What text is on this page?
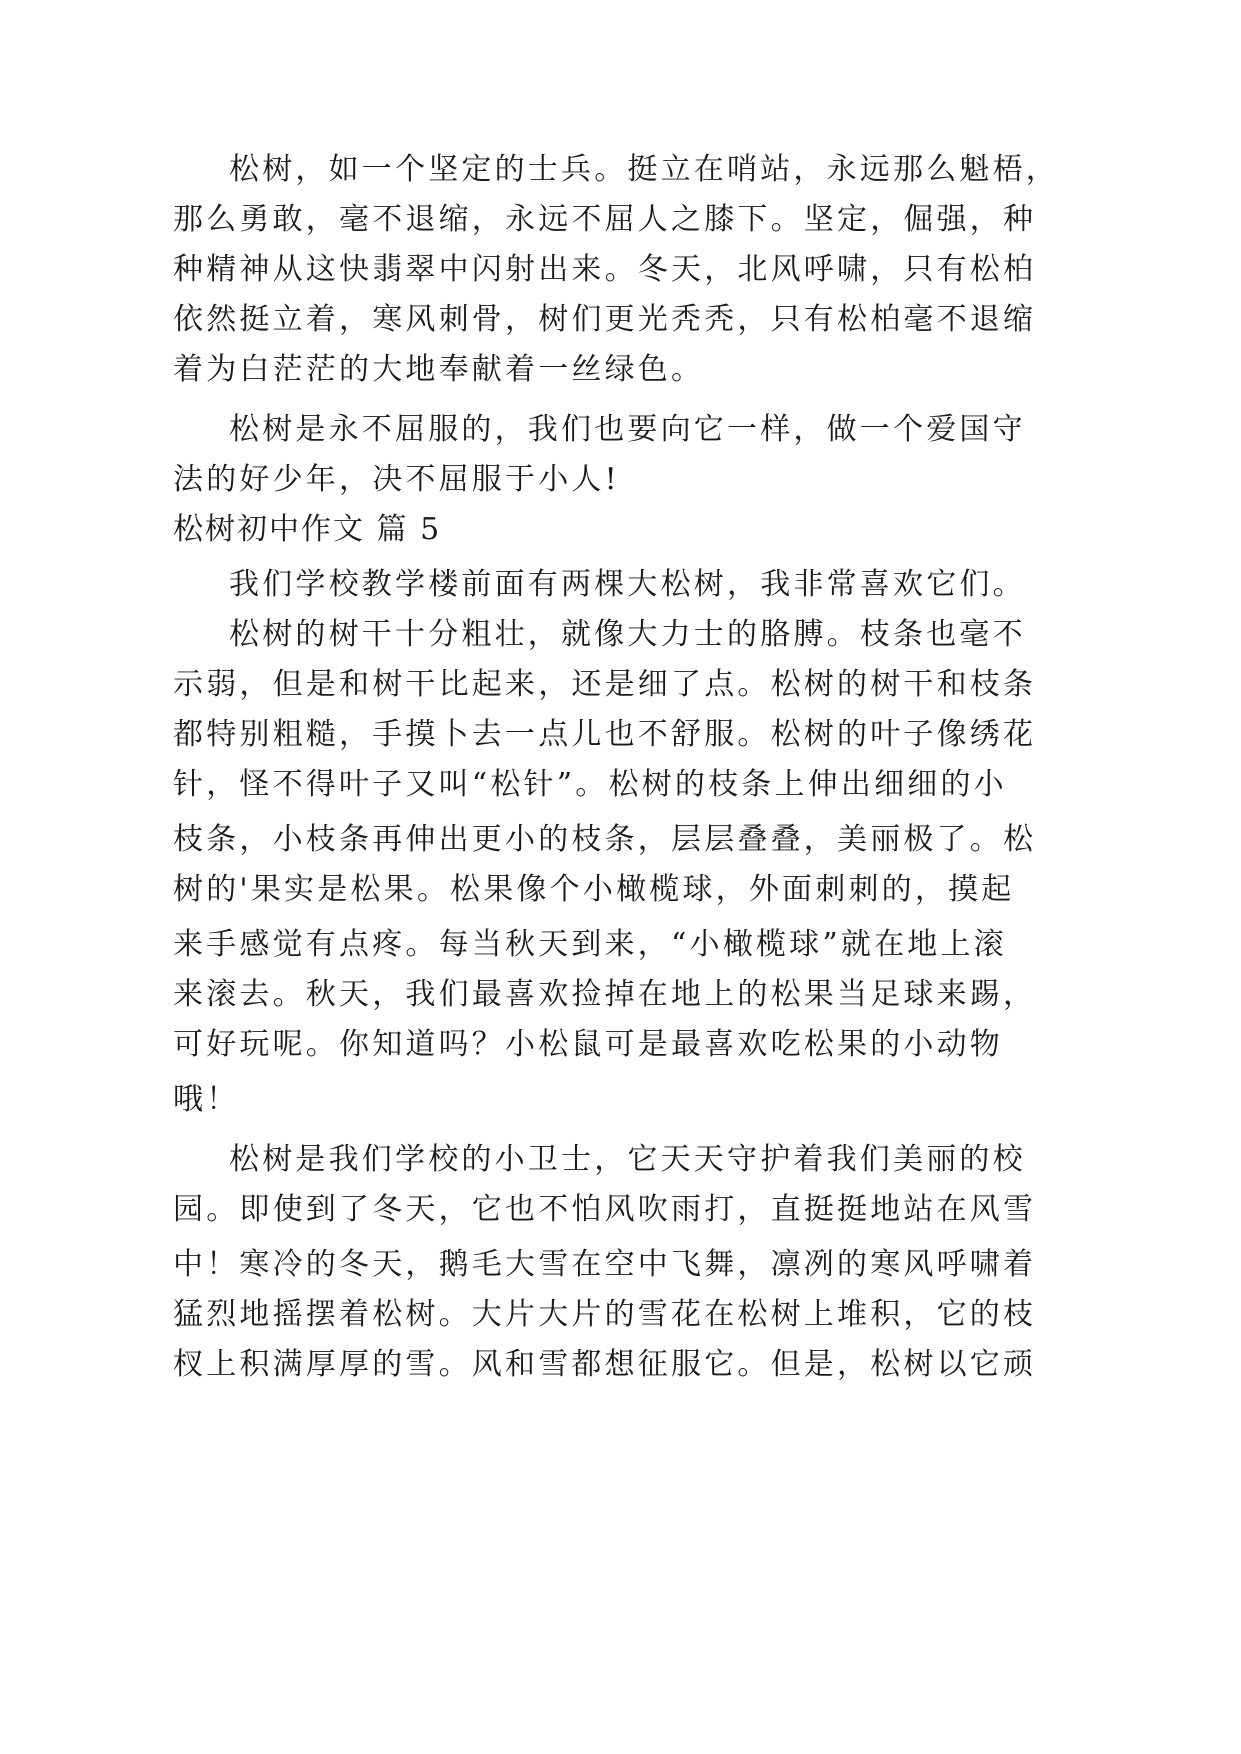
松树，如一个坚定的士兵。挺立在哨站，永远那么魁梧，
那么勇敢，毫不退缩，永远不屈人之膝下。坚定，倔强，种
种精神从这快翡翠中闪射出来。冬天，北风呼啸，只有松柏
依然挺立着，寒风刺骨，树们更光秃秃，只有松柏毫不退缩
着为白茫茫的大地奉献着一丝绿色。
松树是永不屈服的，我们也要向它一样，做一个爱国守
法的好少年，决不屈服于小人!
松树初中作文 篇 5
我们学校教学楼前面有两棵大松树，我非常喜欢它们。
松树的树干十分粗壮，就像大力士的胳膊。枝条也毫不
示弱，但是和树干比起来，还是细了点。松树的树干和枝条
都特别粗糙，手摸卜去一点儿也不舒服。松树的叶子像绣花
针，怪不得叶子又叫“松针”。松树的枝条上伸出细细的小
枝条，小枝条再伸出更小的枝条，层层叠叠，美丽极了。松
树的'果实是松果。松果像个小橄榄球，外面刺刺的，摸起
来手感觉有点疼。每当秋天到来，“小橄榄球”就在地上滚
来滚去。秋天，我们最喜欢捡掉在地上的松果当足球来踢，
可好玩呢。你知道吗？小松鼠可是最喜欢吃松果的小动物
哦！
松树是我们学校的小卫士，它天天守护着我们美丽的校
园。即使到了冬天，它也不怕风吹雨打，直挺挺地站在风雪
中！寒冷的冬天，鹅毛大雪在空中飞舞，凛冽的寒风呼啸着
猛烈地摇摆着松树。大片大片的雪花在松树上堆积，它的枝
杈上积满厚厚的雪。风和雪都想征服它。但是，松树以它顽
